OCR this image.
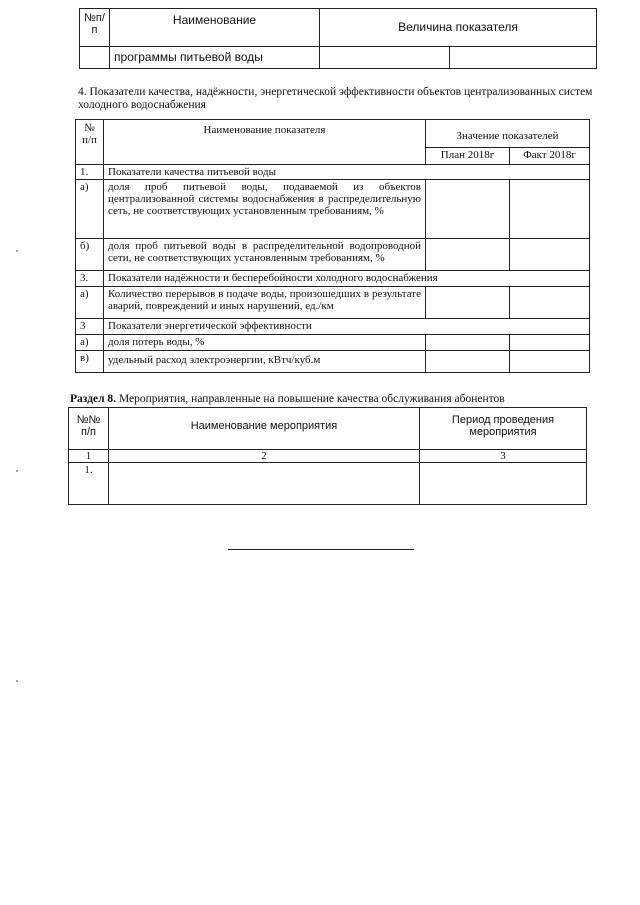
№п/п	Наименование	Величина показателя	
	программы питьевой воды		
4. Показатели качества, надёжности, энергетической эффективности объектов централизованных систем холодного водоснабжения
№ п/п	Наименование показателя	Значение показателей	
		План 2018г	Факт 2018г
1.	Показатели качества питьевой воды		
а)	доля проб питьевой воды, подаваемой из объектов централизованной системы водоснабжения в распределительную сеть, не соответствующих установленным требованиям, %		
б)	доля проб питьевой воды в распределительной водопроводной сети, не соответствующих установленным требованиям, %		
3.	Показатели надёжности и бесперебойности холодного водоснабжения		
а)	Количество перерывов в подаче воды, произошедших в результате аварий, повреждений и иных нарушений, ед./км		
3	Показатели энергетической эффективности		
а)	доля потерь воды, %		
в)	удельный расход электроэнергии, кВтч/куб.м		
Раздел 8. Мероприятия, направленные на повышение качества обслуживания абонентов
№№ п/п	Наименование мероприятия	Период проведения мероприятия
1	2	3
1.		
